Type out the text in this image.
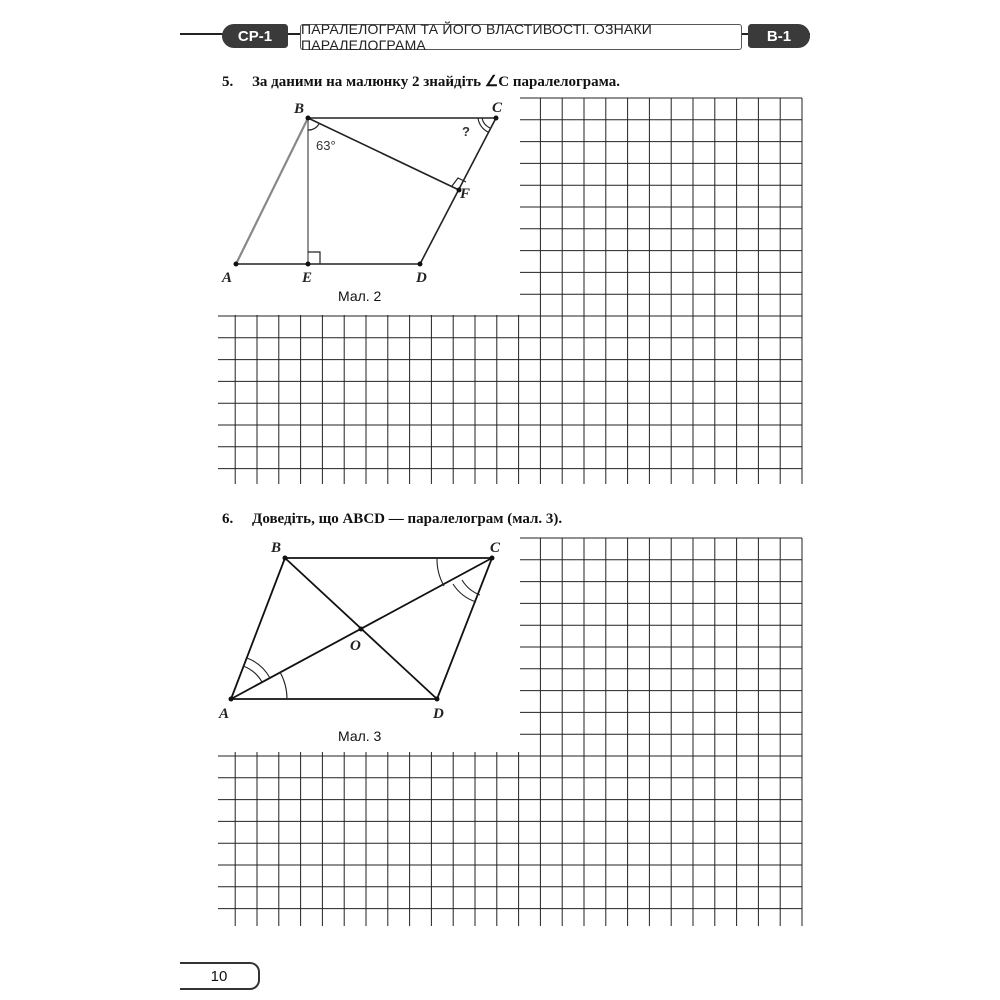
СР-1	ПАРАЛЕЛОГРАМ ТА ЙОГО ВЛАСТИВОСТІ. ОЗНАКИ ПАРАЛЕЛОГРАМА
В-1
5. За даними на малюнку 2 знайдіть ∠C паралелограма.
6. Доведіть, що ABCD — паралелограм (мал. 3).
B	C
A	E	D
F
63°
?
Мал. 2
B	C
A	D
O
Мал. 3
10
